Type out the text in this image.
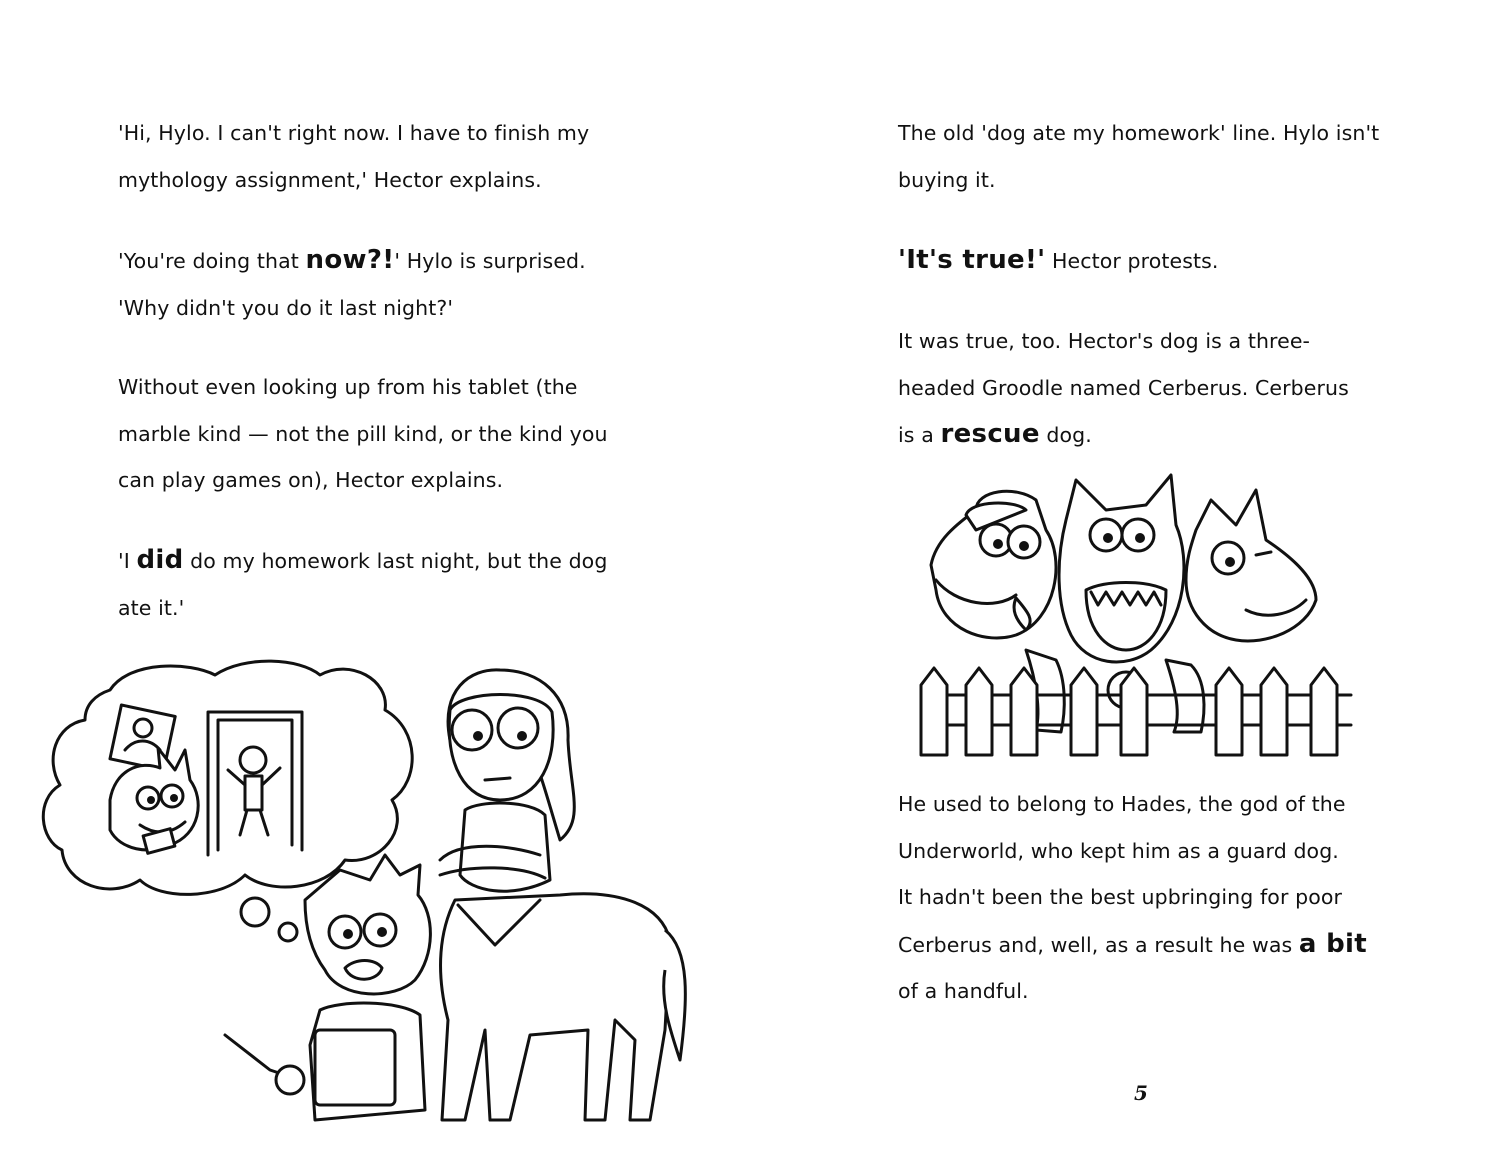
'Hi, Hylo. I can't right now. I have to finish my
mythology assignment,' Hector explains.
'You're doing that now?!' Hylo is surprised.
'Why didn't you do it last night?'
Without even looking up from his tablet (the
marble kind — not the pill kind, or the kind you
can play games on), Hector explains.
'I did do my homework last night, but the dog
ate it.'
The old 'dog ate my homework' line. Hylo isn't
buying it.
'It's true!' Hector protests.
It was true, too. Hector's dog is a three-
headed Groodle named Cerberus. Cerberus
is a rescue dog.
He used to belong to Hades, the god of the
Underworld, who kept him as a guard dog.
It hadn't been the best upbringing for poor
Cerberus and, well, as a result he was a bit
of a handful.
5
